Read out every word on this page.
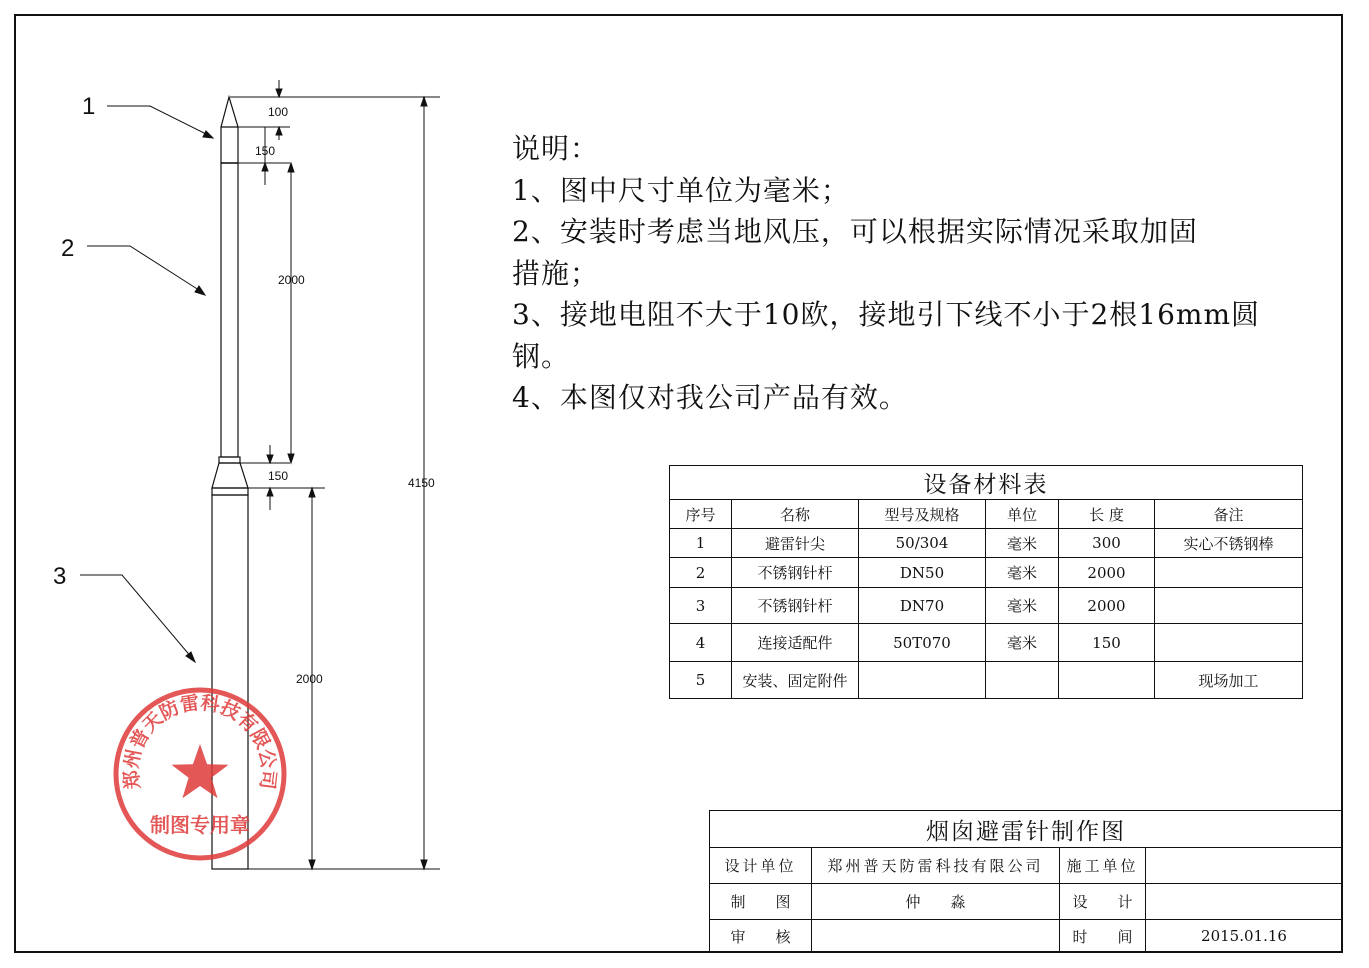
100
150
2000
150
2000
4150
1
2
3
说明：
1、图中尺寸单位为毫米；
2、安装时考虑当地风压，可以根据实际情况采取加固
措施；
3、接地电阻不大于10欧，接地引下线不小于2根16mm圆
钢。
4、本图仅对我公司产品有效。
设备材料表					
序号	名称	型号及规格	单位	长 度	备注
1	避雷针尖	50/304	毫米	300	实心不锈钢棒
2	不锈钢针杆	DN50	毫米	2000	
3	不锈钢针杆	DN70	毫米	2000	
4	连接适配件	50T070	毫米	150	
5	安装、固定附件				现场加工
烟囱避雷针制作图			
设计单位	郑州普天防雷科技有限公司	施工单位	
制　　图	仲　　淼	设　　计	
审　　核		时　　间	2015.01.16
郑州普天防雷科技有限公司
制图专用章
